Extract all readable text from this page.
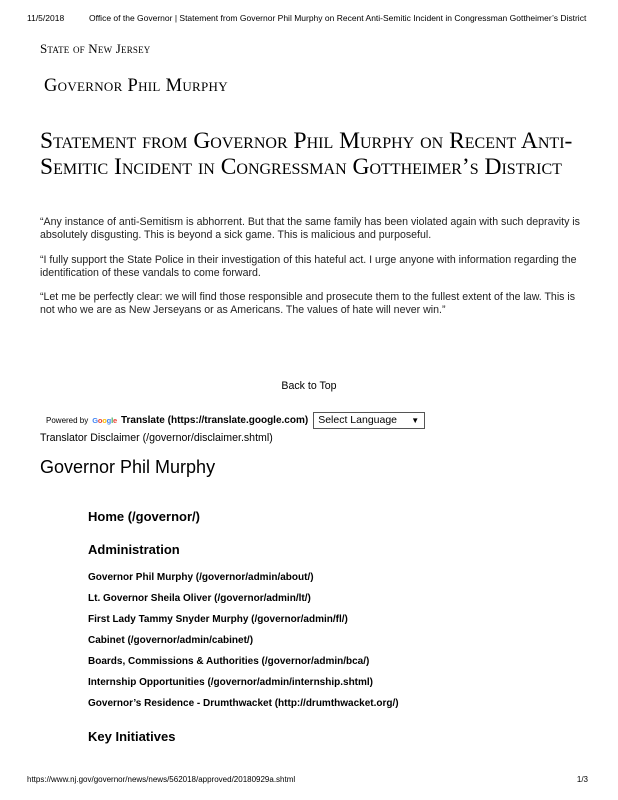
11/5/2018	Office of the Governor | Statement from Governor Phil Murphy on Recent Anti-Semitic Incident in Congressman Gottheimer’s District
State of New Jersey
Governor Phil Murphy
Statement from Governor Phil Murphy on Recent Anti-Semitic Incident in Congressman Gottheimer’s District

“Any instance of anti-Semitism is abhorrent. But that the same family has been violated again with such depravity is absolutely disgusting. This is beyond a sick game. This is malicious and purposeful.

“I fully support the State Police in their investigation of this hateful act. I urge anyone with information regarding the identification of these vandals to come forward.

“Let me be perfectly clear: we will find those responsible and prosecute them to the fullest extent of the law. This is not who we are as New Jerseyans or as Americans. The values of hate will never win.”

Back to Top
Powered by Google Translate (https://translate.google.com) Select Language ▼
Translator Disclaimer (/governor/disclaimer.shtml)
Governor Phil Murphy
Home (/governor/)
Administration
Governor Phil Murphy (/governor/admin/about/)
Lt. Governor Sheila Oliver (/governor/admin/lt/)
First Lady Tammy Snyder Murphy (/governor/admin/fl/)
Cabinet (/governor/admin/cabinet/)
Boards, Commissions & Authorities (/governor/admin/bca/)
Internship Opportunities (/governor/admin/internship.shtml)
Governor’s Residence - Drumthwacket (http://drumthwacket.org/)
Key Initiatives
https://www.nj.gov/governor/news/news/562018/approved/20180929a.shtml	1/3
